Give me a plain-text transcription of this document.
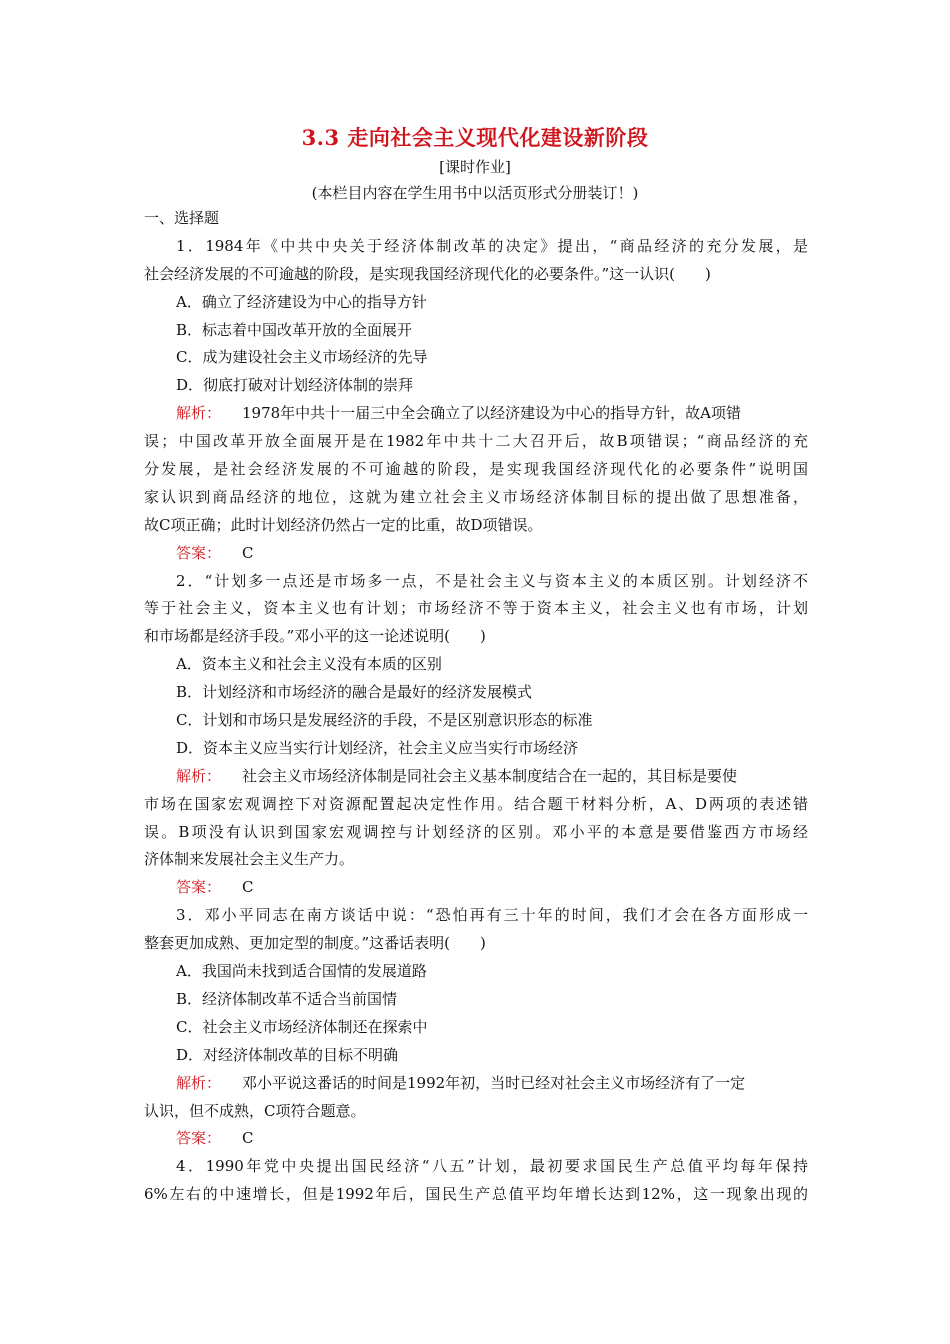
3.3 走向社会主义现代化建设新阶段
[课时作业]
(本栏目内容在学生用书中以活页形式分册装订！)
一、选择题
1．1984年《中共中央关于经济体制改革的决定》提出，“商品经济的充分发展，是
社会经济发展的不可逾越的阶段，是实现我国经济现代化的必要条件。”这一认识(　　)
A．确立了经济建设为中心的指导方针
B．标志着中国改革开放的全面展开
C．成为建设社会主义市场经济的先导
D．彻底打破对计划经济体制的崇拜
解析： 1978年中共十一届三中全会确立了以经济建设为中心的指导方针，故A项错
误；中国改革开放全面展开是在1982年中共十二大召开后，故B项错误；“商品经济的充
分发展，是社会经济发展的不可逾越的阶段，是实现我国经济现代化的必要条件”说明国
家认识到商品经济的地位，这就为建立社会主义市场经济体制目标的提出做了思想准备，
故C项正确；此时计划经济仍然占一定的比重，故D项错误。
答案： C
2．“计划多一点还是市场多一点，不是社会主义与资本主义的本质区别。计划经济不
等于社会主义，资本主义也有计划；市场经济不等于资本主义，社会主义也有市场，计划
和市场都是经济手段。”邓小平的这一论述说明(　　)
A．资本主义和社会主义没有本质的区别
B．计划经济和市场经济的融合是最好的经济发展模式
C．计划和市场只是发展经济的手段，不是区别意识形态的标准
D．资本主义应当实行计划经济，社会主义应当实行市场经济
解析： 社会主义市场经济体制是同社会主义基本制度结合在一起的，其目标是要使
市场在国家宏观调控下对资源配置起决定性作用。结合题干材料分析，A、D两项的表述错
误。B项没有认识到国家宏观调控与计划经济的区别。邓小平的本意是要借鉴西方市场经
济体制来发展社会主义生产力。
答案： C
3．邓小平同志在南方谈话中说：“恐怕再有三十年的时间，我们才会在各方面形成一
整套更加成熟、更加定型的制度。”这番话表明(　　)
A．我国尚未找到适合国情的发展道路
B．经济体制改革不适合当前国情
C．社会主义市场经济体制还在探索中
D．对经济体制改革的目标不明确
解析： 邓小平说这番话的时间是1992年初，当时已经对社会主义市场经济有了一定
认识，但不成熟，C项符合题意。
答案： C
4．1990年党中央提出国民经济“八五”计划，最初要求国民生产总值平均每年保持
6%左右的中速增长，但是1992年后，国民生产总值平均年增长达到12%，这一现象出现的
